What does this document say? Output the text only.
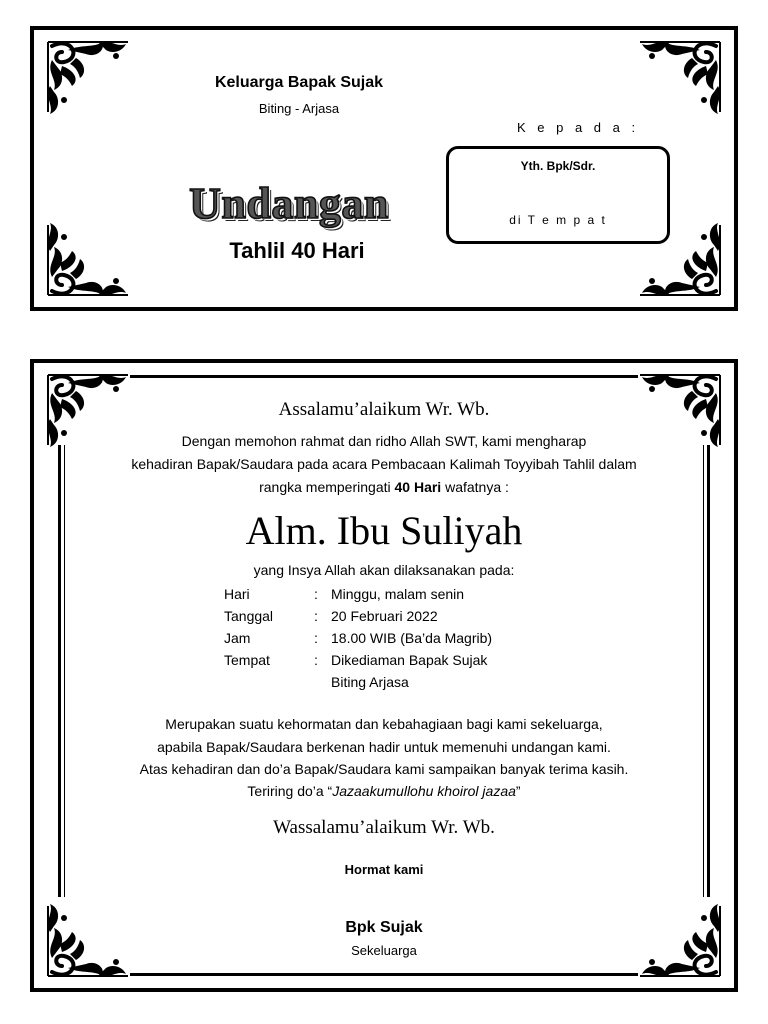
Keluarga Bapak Sujak
Biting - Arjasa
K e p a d a :
Yth. Bpk/Sdr.
di T e m p a t
Undangan
Tahlil 40 Hari
Assalamu’alaikum Wr. Wb.
Dengan memohon rahmat dan ridho Allah SWT, kami mengharap
kehadiran Bapak/Saudara pada acara Pembacaan Kalimah Toyyibah Tahlil dalam
rangka memperingati 40 Hari wafatnya :
Alm. Ibu Suliyah
yang Insya Allah akan dilaksanakan pada:
Hari	: Minggu, malam senin
Tanggal	: 20 Februari 2022
Jam	: 18.00 WIB (Ba’da Magrib)
Tempat	: Dikediaman Bapak Sujak
Biting Arjasa
Merupakan suatu kehormatan dan kebahagiaan bagi kami sekeluarga,
apabila Bapak/Saudara berkenan hadir untuk memenuhi undangan kami.
Atas kehadiran dan do’a Bapak/Saudara kami sampaikan banyak terima kasih.
Teriring do’a “Jazaakumullohu khoirol jazaa”
Wassalamu’alaikum Wr. Wb.
Hormat kami
Bpk Sujak
Sekeluarga
